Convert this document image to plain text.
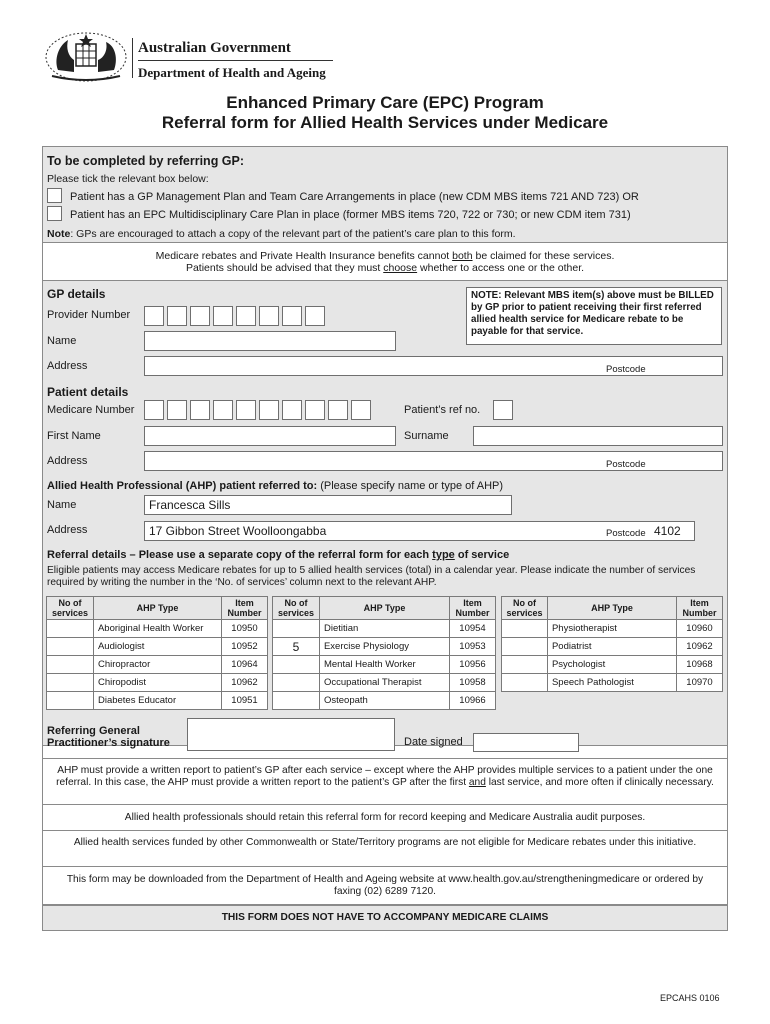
Australian Government
Department of Health and Ageing
Enhanced Primary Care (EPC) Program
Referral form for Allied Health Services under Medicare
To be completed by referring GP:
Please tick the relevant box below:
Patient has a GP Management Plan and Team Care Arrangements in place (new CDM MBS items 721 AND 723) OR
Patient has an EPC Multidisciplinary Care Plan in place (former MBS items 720, 722 or 730; or new CDM item 731)
Note: GPs are encouraged to attach a copy of the relevant part of the patient’s care plan to this form.
Medicare rebates and Private Health Insurance benefits cannot both be claimed for these services.
Patients should be advised that they must choose whether to access one or the other.
GP details
Provider Number
Name
NOTE: Relevant MBS item(s) above must be BILLED by GP prior to patient receiving their first referred allied health service for Medicare rebate to be payable for that service.
Address	Postcode
Patient details
Medicare Number	Patient’s ref no.
First Name	Surname
Address	Postcode
Allied Health Professional (AHP) patient referred to: (Please specify name or type of AHP)
Name	Francesca Sills
Address	17 Gibbon Street Woolloongabba	Postcode 4102
Referral details – Please use a separate copy of the referral form for each type of service
Eligible patients may access Medicare rebates for up to 5 allied health services (total) in a calendar year. Please indicate the number of services required by writing the number in the ‘No. of services’ column next to the relevant AHP.
No of services	AHP Type	Item Number
	Aboriginal Health Worker	10950
	Audiologist	10952
	Chiropractor	10964
	Chiropodist	10962
	Diabetes Educator	10951
No of services	AHP Type	Item Number
	Dietitian	10954
5	Exercise Physiology	10953
	Mental Health Worker	10956
	Occupational Therapist	10958
	Osteopath	10966
No of services	AHP Type	Item Number
	Physiotherapist	10960
	Podiatrist	10962
	Psychologist	10968
	Speech Pathologist	10970
Referring General Practitioner’s signature	Date signed
AHP must provide a written report to patient’s GP after each service – except where the AHP provides multiple services to a patient under the one referral. In this case, the AHP must provide a written report to the patient’s GP after the first and last service, and more often if clinically necessary.
Allied health professionals should retain this referral form for record keeping and Medicare Australia audit purposes.
Allied health services funded by other Commonwealth or State/Territory programs are not eligible for Medicare rebates under this initiative.
This form may be downloaded from the Department of Health and Ageing website at www.health.gov.au/strengtheningmedicare or ordered by faxing (02) 6289 7120.
THIS FORM DOES NOT HAVE TO ACCOMPANY MEDICARE CLAIMS
EPCAHS 0106
